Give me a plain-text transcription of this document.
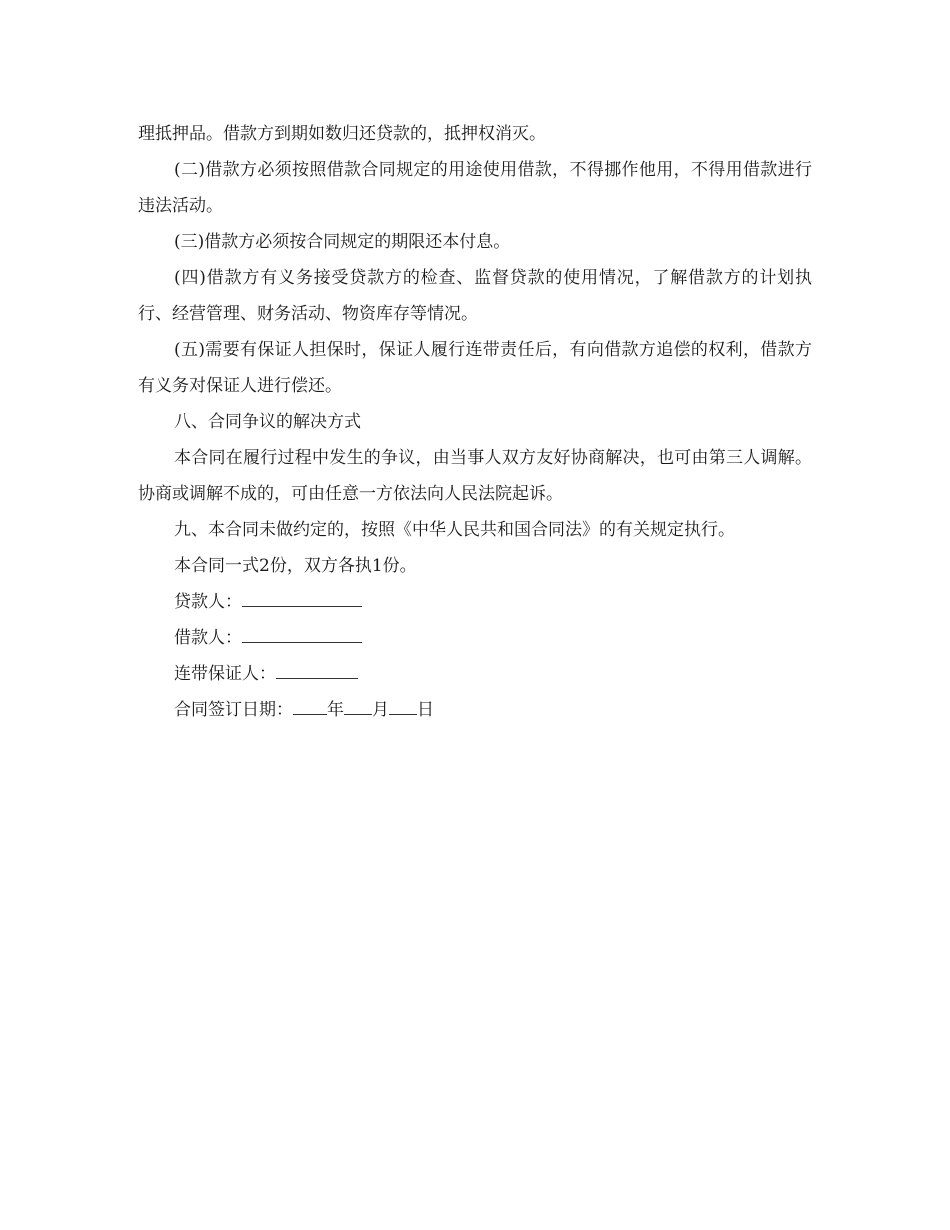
理抵押品。借款方到期如数归还贷款的，抵押权消灭。

(二)借款方必须按照借款合同规定的用途使用借款，不得挪作他用，不得用借款进行违法活动。

(三)借款方必须按合同规定的期限还本付息。

(四)借款方有义务接受贷款方的检查、监督贷款的使用情况，了解借款方的计划执行、经营管理、财务活动、物资库存等情况。

(五)需要有保证人担保时，保证人履行连带责任后，有向借款方追偿的权利，借款方有义务对保证人进行偿还。

八、合同争议的解决方式

本合同在履行过程中发生的争议，由当事人双方友好协商解决，也可由第三人调解。协商或调解不成的，可由任意一方依法向人民法院起诉。

九、本合同未做约定的，按照《中华人民共和国合同法》的有关规定执行。

本合同一式2份，双方各执1份。

贷款人：

借款人：

连带保证人：

合同签订日期： 年 月 日
